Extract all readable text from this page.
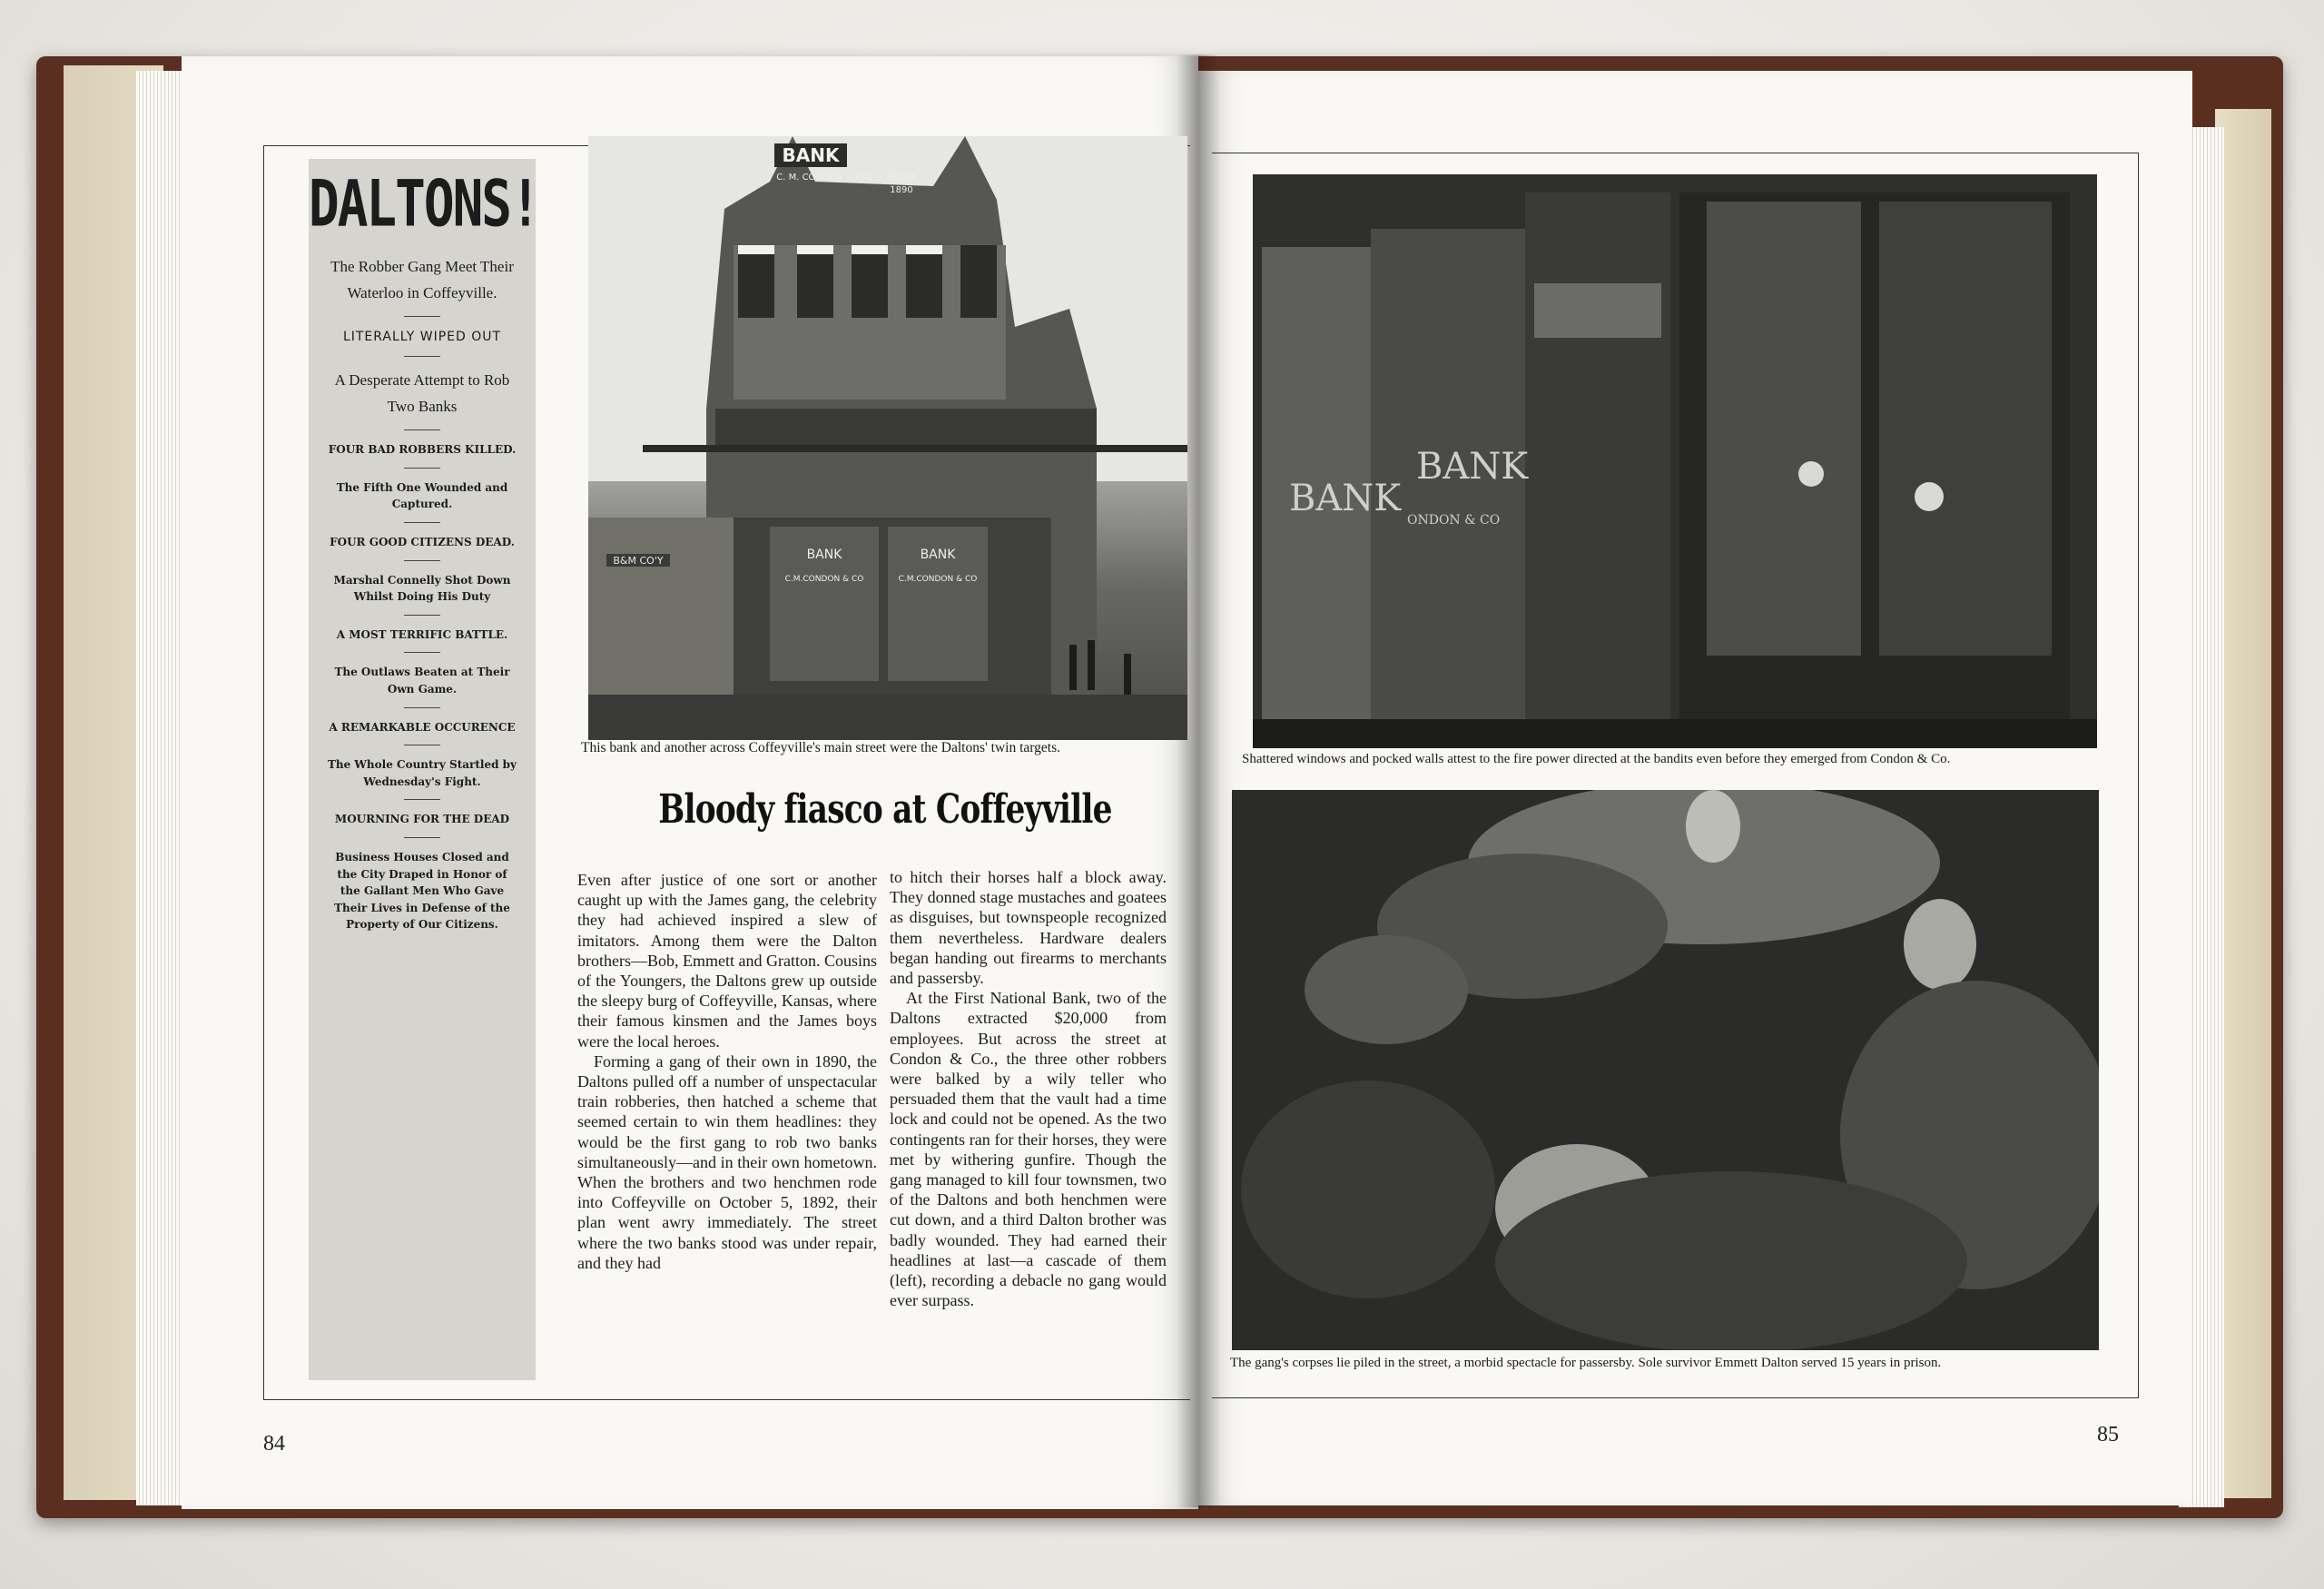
DALTONS!
The Robber Gang Meet Their Waterloo in Coffeyville.
LITERALLY WIPED OUT
A Desperate Attempt to Rob Two Banks
FOUR BAD ROBBERS KILLED.
The Fifth One Wounded and Captured.
FOUR GOOD CITIZENS DEAD.
Marshal Connelly Shot Down Whilst Doing His Duty
A MOST TERRIFIC BATTLE.
The Outlaws Beaten at Their Own Game.
A REMARKABLE OCCURENCE
The Whole Country Startled by Wednesday's Fight.
MOURNING FOR THE DEAD
Business Houses Closed and the City Draped in Honor of the Gallant Men Who Gave Their Lives in Defense of the Property of Our Citizens.
B&M CO'Y	BANK	BANK
C.M.CONDON & CO	C.M.CONDON & CO
BANK
C. M. CONDON & CO. BLOCK
1890
This bank and another across Coffeyville's main street were the Daltons' twin targets.
Bloody fiasco at Coffeyville

Even after justice of one sort or another caught up with the James gang, the celebrity they had achieved inspired a slew of imitators. Among them were the Dalton brothers—Bob, Emmett and Gratton. Cousins of the Youngers, the Daltons grew up outside the sleepy burg of Coffeyville, Kansas, where their famous kinsmen and the James boys were the local heroes.

Forming a gang of their own in 1890, the Daltons pulled off a number of unspectacular train robberies, then hatched a scheme that seemed certain to win them headlines: they would be the first gang to rob two banks simultaneously—and in their own hometown. When the brothers and two henchmen rode into Coffeyville on October 5, 1892, their plan went awry immediately. The street where the two banks stood was under repair, and they had

to hitch their horses half a block away. They donned stage mustaches and goatees as disguises, but townspeople recognized them nevertheless. Hardware dealers began handing out firearms to merchants and passersby.

At the First National Bank, two of the Daltons extracted $20,000 from employees. But across the street at Condon & Co., the three other robbers were balked by a wily teller who persuaded them that the vault had a time lock and could not be opened. As the two contingents ran for their horses, they were met by withering gunfire. Though the gang managed to kill four townsmen, two of the Daltons and both henchmen were cut down, and a third Dalton brother was badly wounded. They had earned their headlines at last—a cascade of them (left), recording a debacle no gang would ever surpass.

BANK
BANK
ONDON & CO
Shattered windows and pocked walls attest to the fire power directed at the bandits even before they emerged from Condon & Co.
The gang's corpses lie piled in the street, a morbid spectacle for passersby. Sole survivor Emmett Dalton served 15 years in prison.
84	85
